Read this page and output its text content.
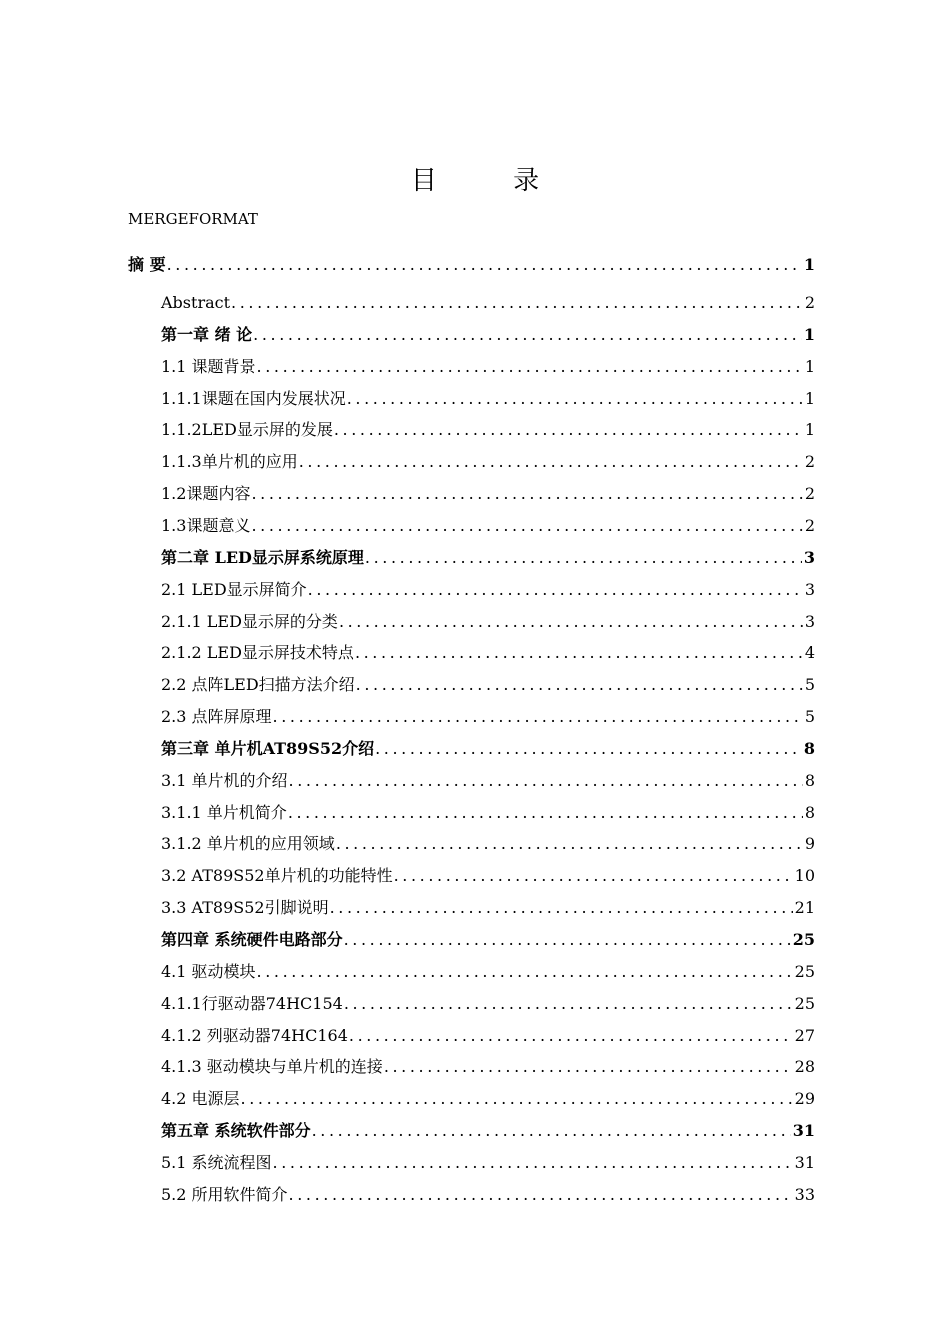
目 录
MERGEFORMAT
摘 要 .....	1
Abstract .....	2
第一章 绪 论 .....	1
1.1 课题背景 .....	1
1.1.1课题在国内发展状况 .....	1
1.1.2LED显示屏的发展 .....	1
1.1.3单片机的应用 .....	2
1.2课题内容 .....	2
1.3课题意义 .....	2
第二章 LED显示屏系统原理 .....	3
2.1 LED显示屏简介 .....	3
2.1.1 LED显示屏的分类 .....	3
2.1.2 LED显示屏技术特点 .....	4
2.2 点阵LED扫描方法介绍 .....	5
2.3 点阵屏原理 .....	5
第三章 单片机AT89S52介绍 .....	8
3.1 单片机的介绍 .....	8
3.1.1 单片机简介 .....	8
3.1.2 单片机的应用领域 .....	9
3.2 AT89S52单片机的功能特性 .....	10
3.3 AT89S52引脚说明 .....	21
第四章 系统硬件电路部分 .....	25
4.1 驱动模块 .....	25
4.1.1行驱动器74HC154 .....	25
4.1.2 列驱动器74HC164 .....	27
4.1.3 驱动模块与单片机的连接 .....	28
4.2 电源层 .....	29
第五章 系统软件部分 .....	31
5.1 系统流程图 .....	31
5.2 所用软件简介 .....	33
